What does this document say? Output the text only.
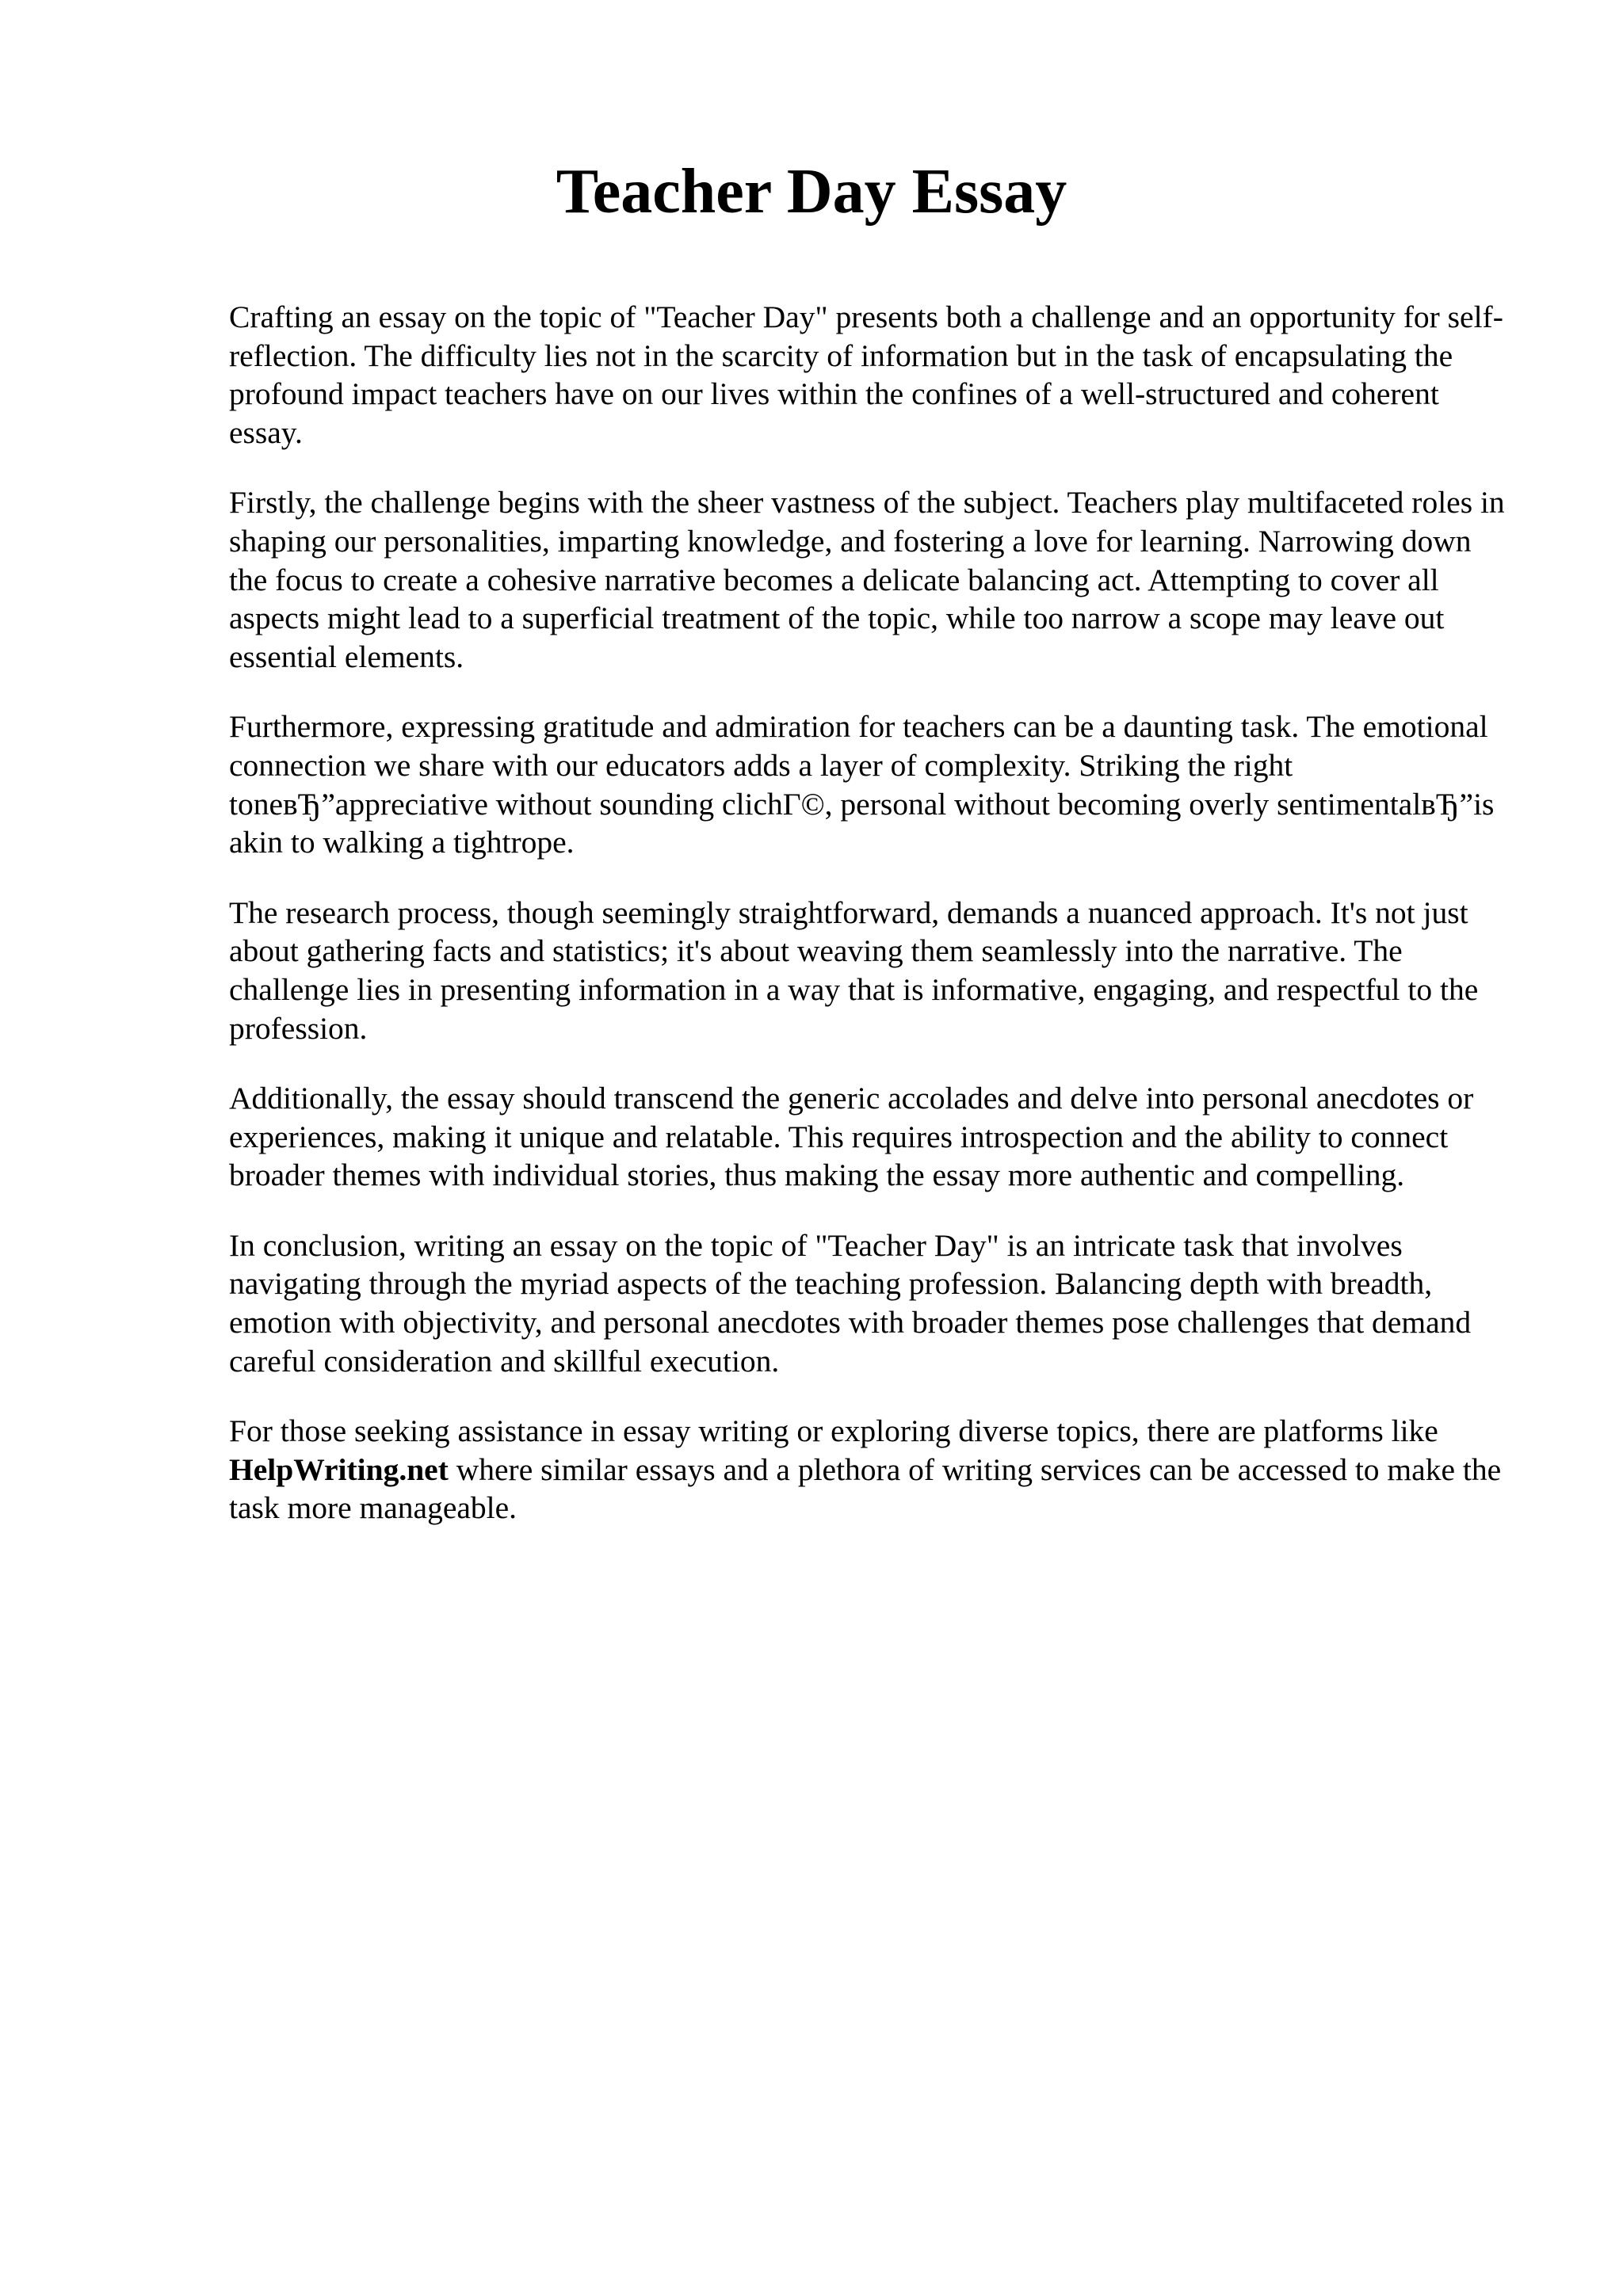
Teacher Day Essay

Crafting an essay on the topic of "Teacher Day" presents both a challenge and an opportunity for self-reflection. The difficulty lies not in the scarcity of information but in the task of encapsulating the profound impact teachers have on our lives within the confines of a well-structured and coherent essay.

Firstly, the challenge begins with the sheer vastness of the subject. Teachers play multifaceted roles in shaping our personalities, imparting knowledge, and fostering a love for learning. Narrowing down the focus to create a cohesive narrative becomes a delicate balancing act. Attempting to cover all aspects might lead to a superficial treatment of the topic, while too narrow a scope may leave out essential elements.

Furthermore, expressing gratitude and admiration for teachers can be a daunting task. The emotional connection we share with our educators adds a layer of complexity. Striking the right toneвЂ”appreciative without sounding clichГ©, personal without becoming overly sentimentalвЂ”is akin to walking a tightrope.

The research process, though seemingly straightforward, demands a nuanced approach. It's not just about gathering facts and statistics; it's about weaving them seamlessly into the narrative. The challenge lies in presenting information in a way that is informative, engaging, and respectful to the profession.

Additionally, the essay should transcend the generic accolades and delve into personal anecdotes or experiences, making it unique and relatable. This requires introspection and the ability to connect broader themes with individual stories, thus making the essay more authentic and compelling.

In conclusion, writing an essay on the topic of "Teacher Day" is an intricate task that involves navigating through the myriad aspects of the teaching profession. Balancing depth with breadth, emotion with objectivity, and personal anecdotes with broader themes pose challenges that demand careful consideration and skillful execution.

For those seeking assistance in essay writing or exploring diverse topics, there are platforms like HelpWriting.net where similar essays and a plethora of writing services can be accessed to make the task more manageable.
